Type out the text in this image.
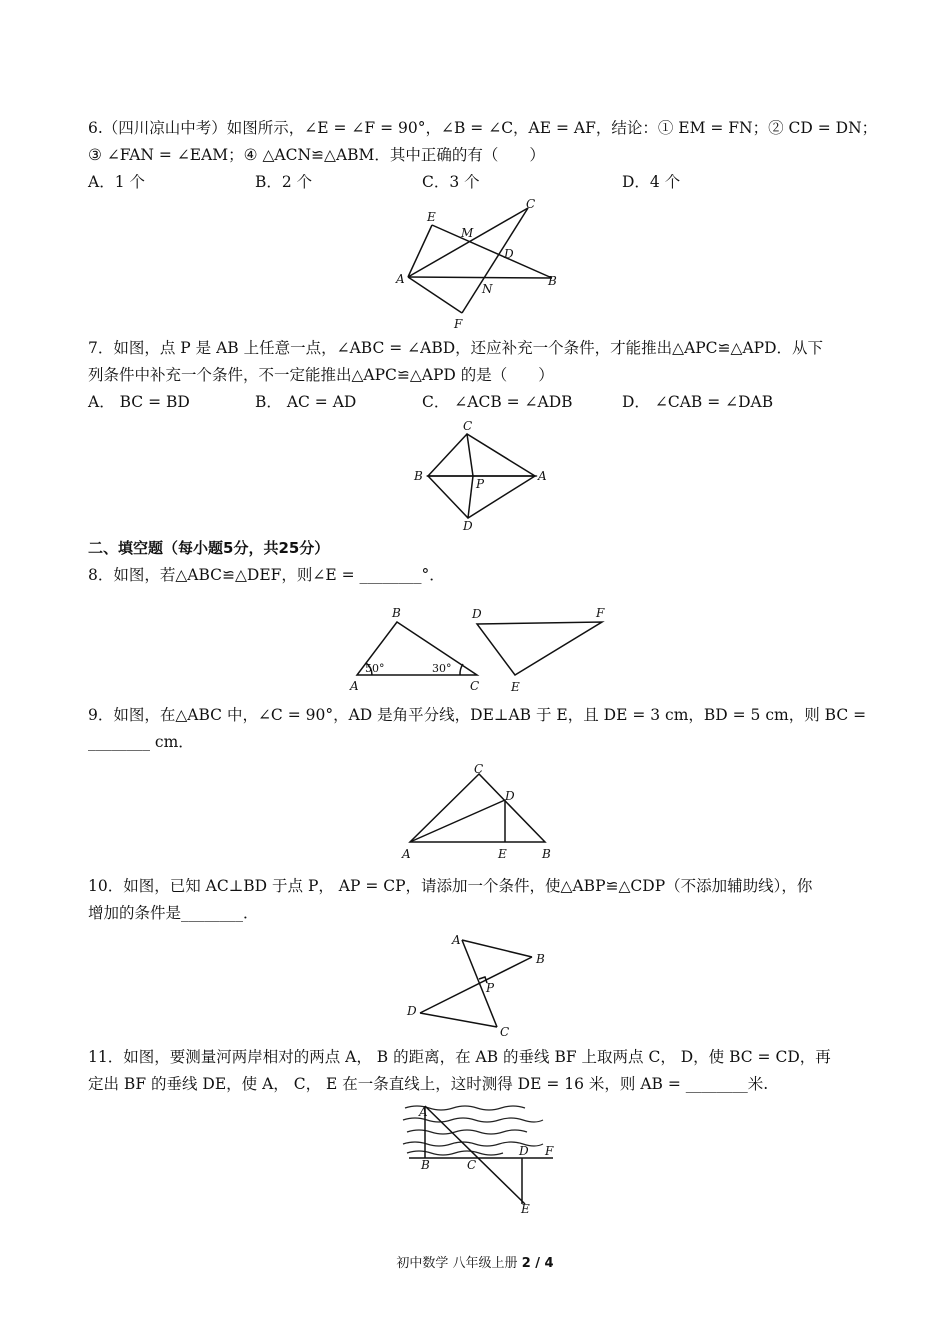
6.（四川凉山中考）如图所示，∠E = ∠F = 90°，∠B = ∠C，AE = AF，结论：① EM = FN；② CD = DN；
③ ∠FAN = ∠EAM；④ △ACN≌△ABM．其中正确的有（　　）
A．1 个	B．2 个	C．3 个	D．4 个
E
C
M
D
A	B
N
F
7．如图，点 P 是 AB 上任意一点，∠ABC = ∠ABD，还应补充一个条件，才能推出△APC≌△APD．从下
列条件中补充一个条件，不一定能推出△APC≌△APD 的是（　　）
A． BC = BD	B． AC = AD	C． ∠ACB = ∠ADB	D． ∠CAB = ∠DAB
C
B
P
A
D
二、填空题（每小题5分，共25分）
8．如图，若△ABC≌△DEF，则∠E = ________°．
B	D	F
A	C	E
50°	30°
9．如图，在△ABC 中，∠C = 90°，AD 是角平分线，DE⊥AB 于 E，且 DE = 3 cm，BD = 5 cm，则 BC =
________ cm．
C
D
A	E	B
10．如图，已知 AC⊥BD 于点 P， AP = CP，请添加一个条件，使△ABP≌△CDP（不添加辅助线），你
增加的条件是________．
A
B
P
D
C
11．如图，要测量河两岸相对的两点 A， B 的距离，在 AB 的垂线 BF 上取两点 C， D，使 BC = CD，再
定出 BF 的垂线 DE，使 A， C， E 在一条直线上，这时测得 DE = 16 米，则 AB = ________米.
A
F
B	C
D
E
初中数学 八年级上册 2 / 4
